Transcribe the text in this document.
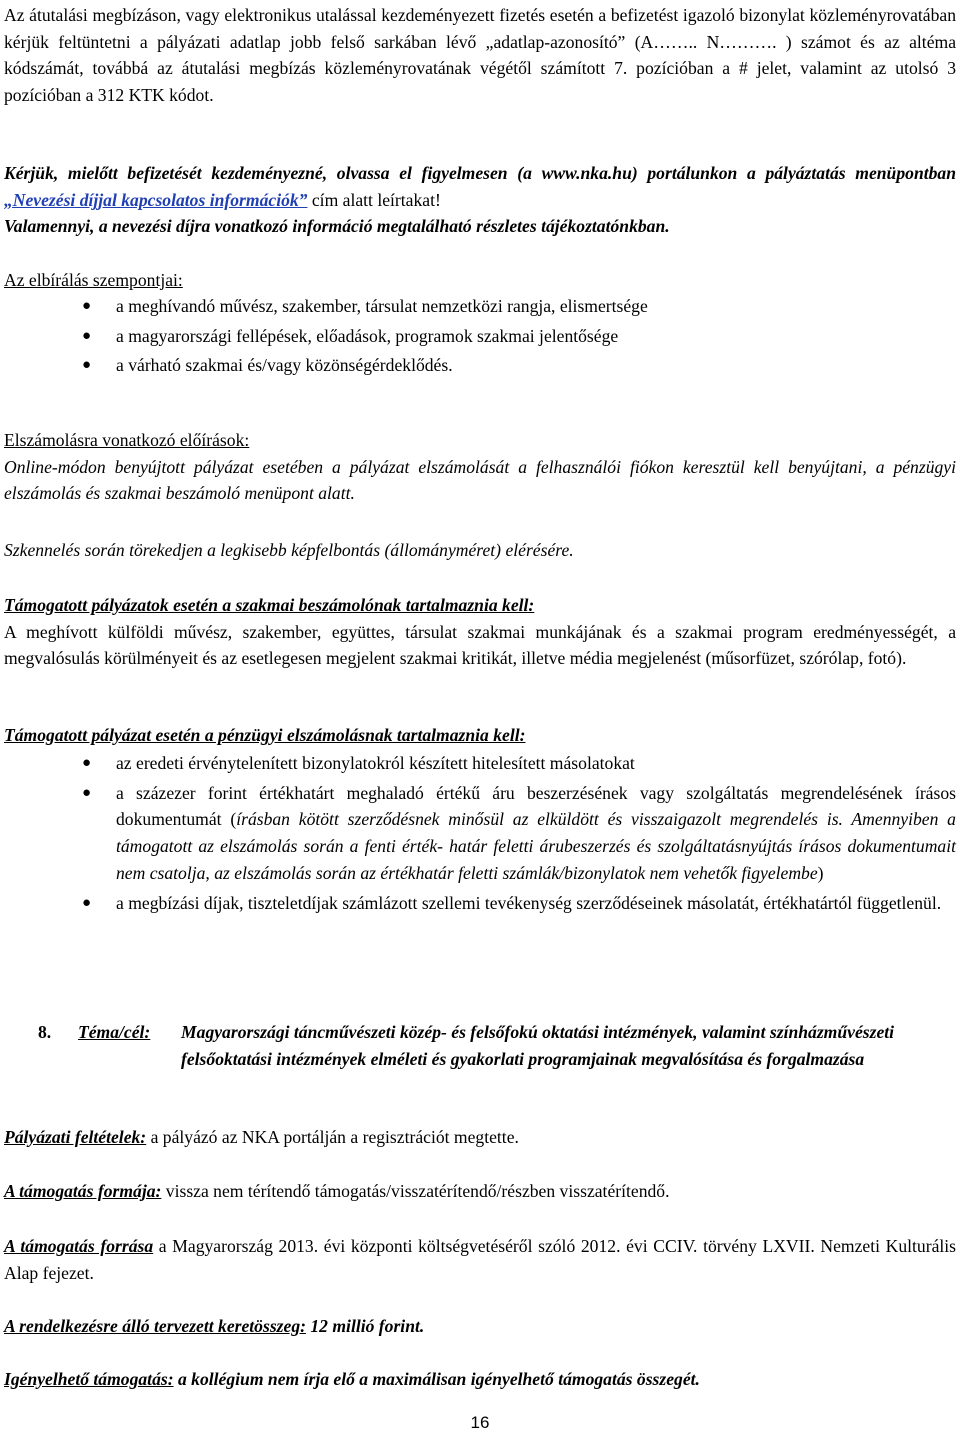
Az átutalási megbízáson, vagy elektronikus utalással kezdeményezett fizetés esetén a befizetést igazoló bizonylat közleményrovatában kérjük feltüntetni a pályázati adatlap jobb felső sarkában lévő „adatlap-azonosító” (A…….. N………. ) számot és az altéma kódszámát, továbbá az átutalási megbízás közleményrovatának végétől számított 7. pozícióban a # jelet, valamint az utolsó 3 pozícióban a 312 KTK kódot.

Kérjük, mielőtt befizetését kezdeményezné, olvassa el figyelmesen (a www.nka.hu) portálunkon a pályáztatás menüpontban „Nevezési díjjal kapcsolatos információk” cím alatt leírtakat!
Valamennyi, a nevezési díjra vonatkozó információ megtalálható részletes tájékoztatónkban.

Az elbírálás szempontjai:

● a meghívandó művész, szakember, társulat nemzetközi rangja, elismertsége
● a magyarországi fellépések, előadások, programok szakmai jelentősége
● a várható szakmai és/vagy közönségérdeklődés.

Elszámolásra vonatkozó előírások:

Online-módon benyújtott pályázat esetében a pályázat elszámolását a felhasználói fiókon keresztül kell benyújtani, a pénzügyi elszámolás és szakmai beszámoló menüpont alatt.

Szkennelés során törekedjen a legkisebb képfelbontás (állományméret) elérésére.

Támogatott pályázatok esetén a szakmai beszámolónak tartalmaznia kell:

A meghívott külföldi művész, szakember, együttes, társulat szakmai munkájának és a szakmai program eredményességét, a megvalósulás körülményeit és az esetlegesen megjelent szakmai kritikát, illetve média megjelenést (műsorfüzet, szórólap, fotó).

Támogatott pályázat esetén a pénzügyi elszámolásnak tartalmaznia kell:

● az eredeti érvénytelenített bizonylatokról készített hitelesített másolatokat
● a százezer forint értékhatárt meghaladó értékű áru beszerzésének vagy szolgáltatás megrendelésének írásos dokumentumát (írásban kötött szerződésnek minősül az elküldött és visszaigazolt megrendelés is. Amennyiben a támogatott az elszámolás során a fenti érték- határ feletti árubeszerzés és szolgáltatásnyújtás írásos dokumentumait nem csatolja, az elszámolás során az értékhatár feletti számlák/bizonylatok nem vehetők figyelembe)
● a megbízási díjak, tiszteletdíjak számlázott szellemi tevékenység szerződéseinek másolatát, értékhatártól függetlenül.
8. Téma/cél: Magyarországi táncművészeti közép- és felsőfokú oktatási intézmények, valamint színházművészeti felsőoktatási intézmények elméleti és gyakorlati programjainak megvalósítása és forgalmazása

Pályázati feltételek: a pályázó az NKA portálján a regisztrációt megtette.

A támogatás formája: vissza nem térítendő támogatás/visszatérítendő/részben visszatérítendő.

A támogatás forrása a Magyarország 2013. évi központi költségvetéséről szóló 2012. évi CCIV. törvény LXVII. Nemzeti Kulturális Alap fejezet.

A rendelkezésre álló tervezett keretösszeg: 12 millió forint.

Igényelhető támogatás: a kollégium nem írja elő a maximálisan igényelhető támogatás összegét.

16
